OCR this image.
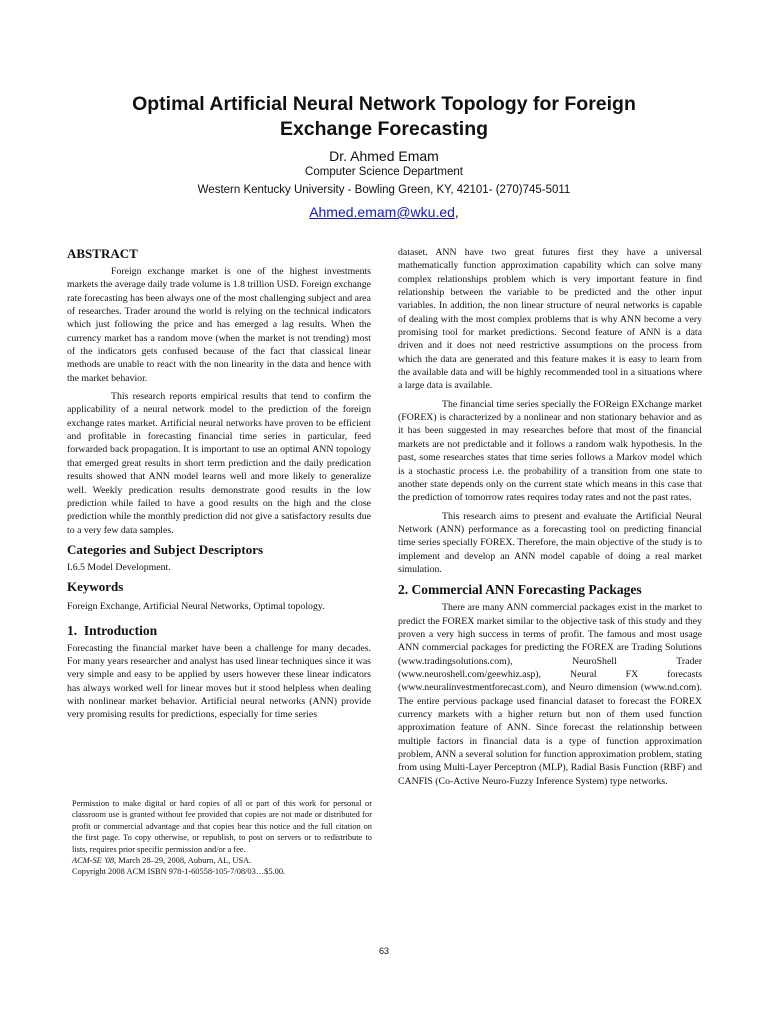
Optimal Artificial Neural Network Topology for Foreign
Exchange Forecasting
Dr. Ahmed Emam
Computer Science Department
Western Kentucky University - Bowling Green, KY, 42101- (270)745-5011
Ahmed.emam@wku.ed,
ABSTRACT

Foreign exchange market is one of the highest investments markets the average daily trade volume is 1.8 trillion USD. Foreign exchange rate forecasting has been always one of the most challenging subject and area of researches. Trader around the world is relying on the technical indicators which just following the price and has emerged a lag results. When the currency market has a random move (when the market is not trending) most of the indicators gets confused because of the fact that classical linear methods are unable to react with the non linearity in the data and hence with the market behavior.

This research reports empirical results that tend to confirm the applicability of a neural network model to the prediction of the foreign exchange rates market. Artificial neural networks have proven to be efficient and profitable in forecasting financial time series in particular, feed forwarded back propagation. It is important to use an optimal ANN topology that emerged great results in short term prediction and the daily predication results showed that ANN model learns well and more likely to generalize well. Weekly predication results demonstrate good results in the low prediction while failed to have a good results on the high and the close prediction while the monthly prediction did not give a satisfactory results due to a very few data samples.

Categories and Subject Descriptors

I.6.5 Model Development.

Keywords

Foreign Exchange, Artificial Neural Networks, Optimal topology.

1.  Introduction

Forecasting the financial market have been a challenge for many decades. For many years researcher and analyst has used linear techniques since it was very simple and easy to be applied by users however these linear indicators has always worked well for linear moves but it stood helpless when dealing with nonlinear market behavior. Artificial neural networks (ANN) provide very promising results for predictions, especially for time series

Permission to make digital or hard copies of all or part of this work for personal or classroom use is granted without fee provided that copies are not made or distributed for profit or commercial advantage and that copies bear this notice and the full citation on the first page. To copy otherwise, or republish, to post on servers or to redistribute to lists, requires prior specific permission and/or a fee.

ACM-SE '08, March 28–29, 2008, Auburn, AL, USA.

Copyright 2008 ACM ISBN 978-1-60558-105-7/08/03…$5.00.

dataset. ANN have two great futures first they have a universal mathematically function approximation capability which can solve many complex relationships problem which is very important feature in find relationship between the variable to be predicted and the other input variables. In addition, the non linear structure of neural networks is capable of dealing with the most complex problems that is why ANN become a very promising tool for market predictions. Second feature of ANN is a data driven and it does not need restrictive assumptions on the process from which the data are generated and this feature makes it is easy to learn from the available data and will be highly recommended tool in a situations where a large data is available.

The financial time series specially the FOReign EXchange market (FOREX) is characterized by a nonlinear and non stationary behavior and as it has been suggested in may researches before that most of the financial markets are not predictable and it follows a random walk hypothesis. In the past, some researches states that time series follows a Markov model which is a stochastic process i.e. the probability of a transition from one state to another state depends only on the current state which means in this case that the prediction of tomorrow rates requires today rates and not the past rates.

This research aims to present and evaluate the Artificial Neural Network (ANN) performance as a forecasting tool on predicting financial time series specially FOREX. Therefore, the main objective of the study is to implement and develop an ANN model capable of doing a real market simulation.

2. Commercial ANN Forecasting Packages

There are many ANN commercial packages exist in the market to predict the FOREX market similar to the objective task of this study and they proven a very high success in terms of profit. The famous and most usage ANN commercial packages for predicting the FOREX are Trading Solutions (www.tradingsolutions.com), NeuroShell Trader (www.neuroshell.com/geewhiz.asp), Neural FX forecasts (www.neuralinvestmentforecast.com), and Neuro dimension (www.nd.com). The entire pervious package used financial dataset to forecast the FOREX currency markets with a higher return but non of them used function approximation feature of ANN. Since forecast the relationship between multiple factors in financial data is a type of function approximation problem, ANN a several solution for function approximation problem, stating from using Multi-Layer Perceptron (MLP), Radial Basis Function (RBF) and CANFIS (Co-Active Neuro-Fuzzy Inference System) type networks.

63
